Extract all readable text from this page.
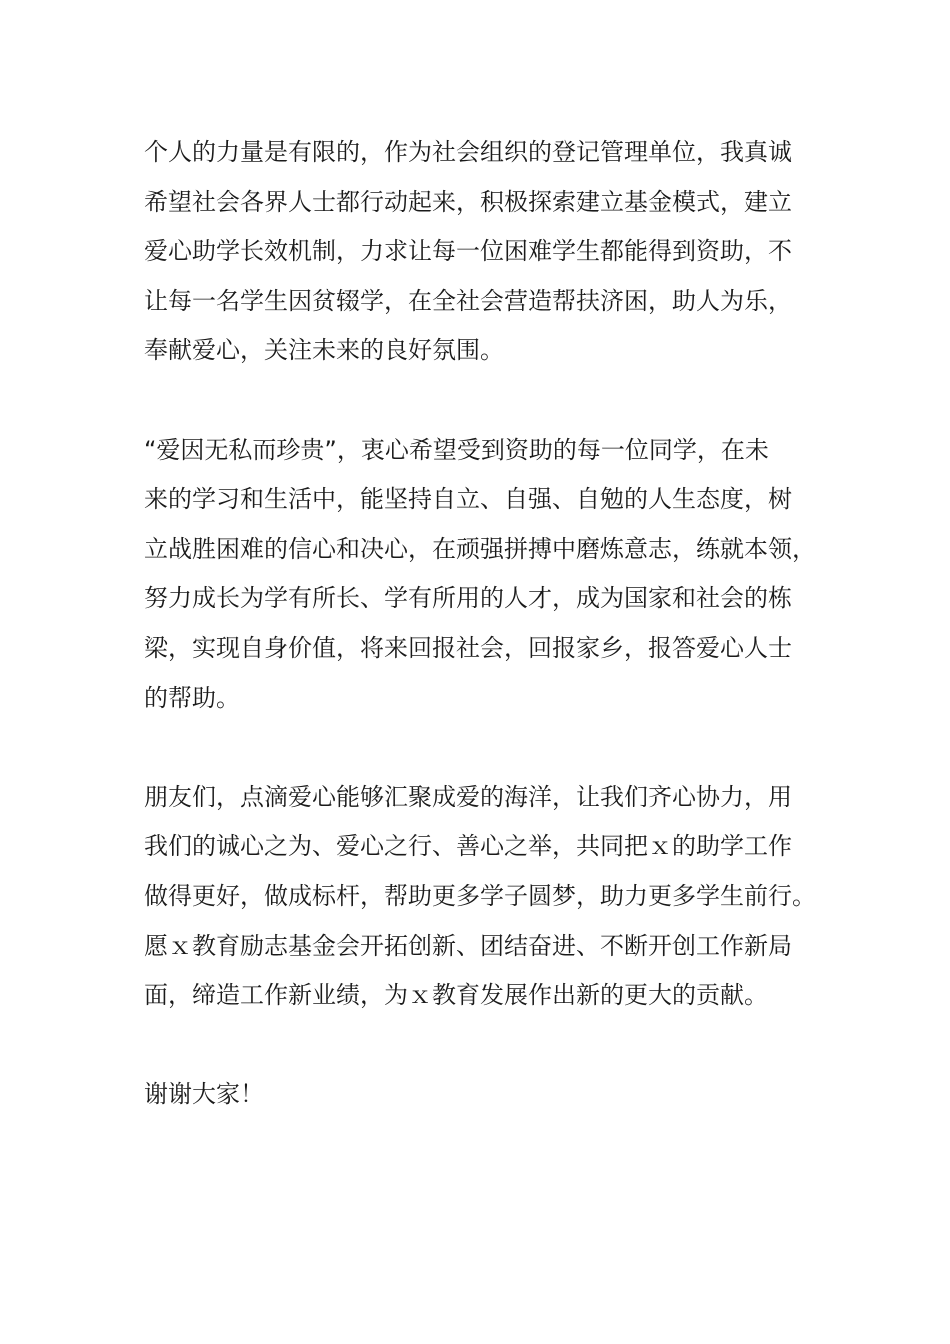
个人的力量是有限的，作为社会组织的登记管理单位，我真诚
希望社会各界人士都行动起来，积极探索建立基金模式，建立
爱心助学长效机制，力求让每一位困难学生都能得到资助，不
让每一名学生因贫辍学，在全社会营造帮扶济困，助人为乐，
奉献爱心，关注未来的良好氛围。

“爱因无私而珍贵”，衷心希望受到资助的每一位同学，在未
来的学习和生活中，能坚持自立、自强、自勉的人生态度，树
立战胜困难的信心和决心，在顽强拼搏中磨炼意志，练就本领，
努力成长为学有所长、学有所用的人才，成为国家和社会的栋
梁，实现自身价值，将来回报社会，回报家乡，报答爱心人士
的帮助。

朋友们，点滴爱心能够汇聚成爱的海洋，让我们齐心协力，用
我们的诚心之为、爱心之行、善心之举，共同把ｘ的助学工作
做得更好，做成标杆，帮助更多学子圆梦，助力更多学生前行。
愿ｘ教育励志基金会开拓创新、团结奋进、不断开创工作新局
面，缔造工作新业绩，为ｘ教育发展作出新的更大的贡献。

谢谢大家！
